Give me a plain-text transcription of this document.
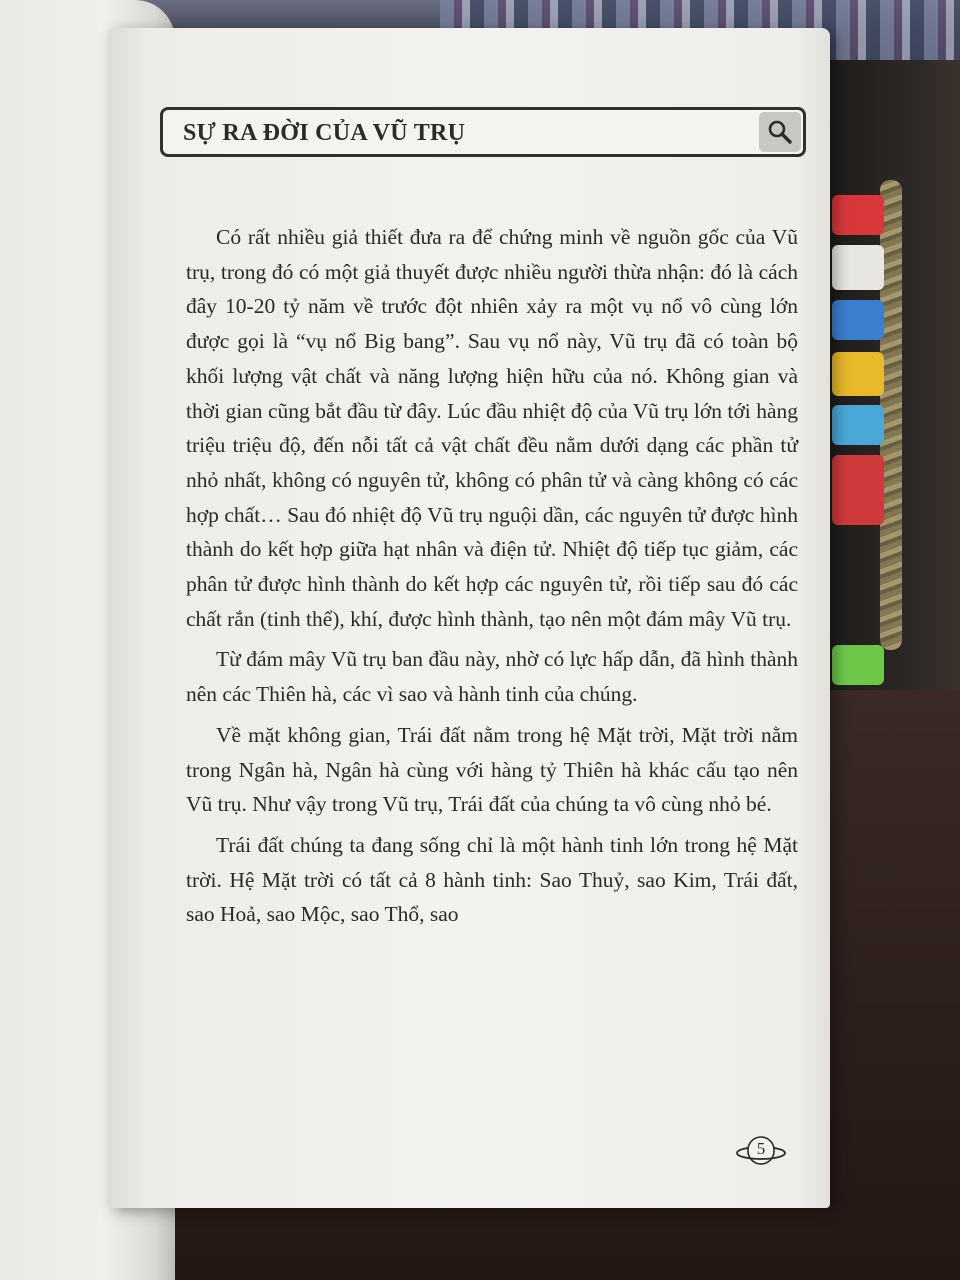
SỰ RA ĐỜI CỦA VŨ TRỤ

Có rất nhiều giả thiết đưa ra để chứng minh về nguồn gốc của Vũ trụ, trong đó có một giả thuyết được nhiều người thừa nhận: đó là cách đây 10-20 tỷ năm về trước đột nhiên xảy ra một vụ nổ vô cùng lớn được gọi là “vụ nổ Big bang”. Sau vụ nổ này, Vũ trụ đã có toàn bộ khối lượng vật chất và năng lượng hiện hữu của nó. Không gian và thời gian cũng bắt đầu từ đây. Lúc đầu nhiệt độ của Vũ trụ lớn tới hàng triệu triệu độ, đến nỗi tất cả vật chất đều nằm dưới dạng các phần tử nhỏ nhất, không có nguyên tử, không có phân tử và càng không có các hợp chất… Sau đó nhiệt độ Vũ trụ nguội dần, các nguyên tử được hình thành do kết hợp giữa hạt nhân và điện tử. Nhiệt độ tiếp tục giảm, các phân tử được hình thành do kết hợp các nguyên tử, rồi tiếp sau đó các chất rắn (tinh thể), khí, được hình thành, tạo nên một đám mây Vũ trụ.

Từ đám mây Vũ trụ ban đầu này, nhờ có lực hấp dẫn, đã hình thành nên các Thiên hà, các vì sao và hành tinh của chúng.

Về mặt không gian, Trái đất nằm trong hệ Mặt trời, Mặt trời nằm trong Ngân hà, Ngân hà cùng với hàng tỷ Thiên hà khác cấu tạo nên Vũ trụ. Như vậy trong Vũ trụ, Trái đất của chúng ta vô cùng nhỏ bé.

Trái đất chúng ta đang sống chỉ là một hành tinh lớn trong hệ Mặt trời. Hệ Mặt trời có tất cả 8 hành tinh: Sao Thuỷ, sao Kim, Trái đất, sao Hoả, sao Mộc, sao Thổ, sao

5
